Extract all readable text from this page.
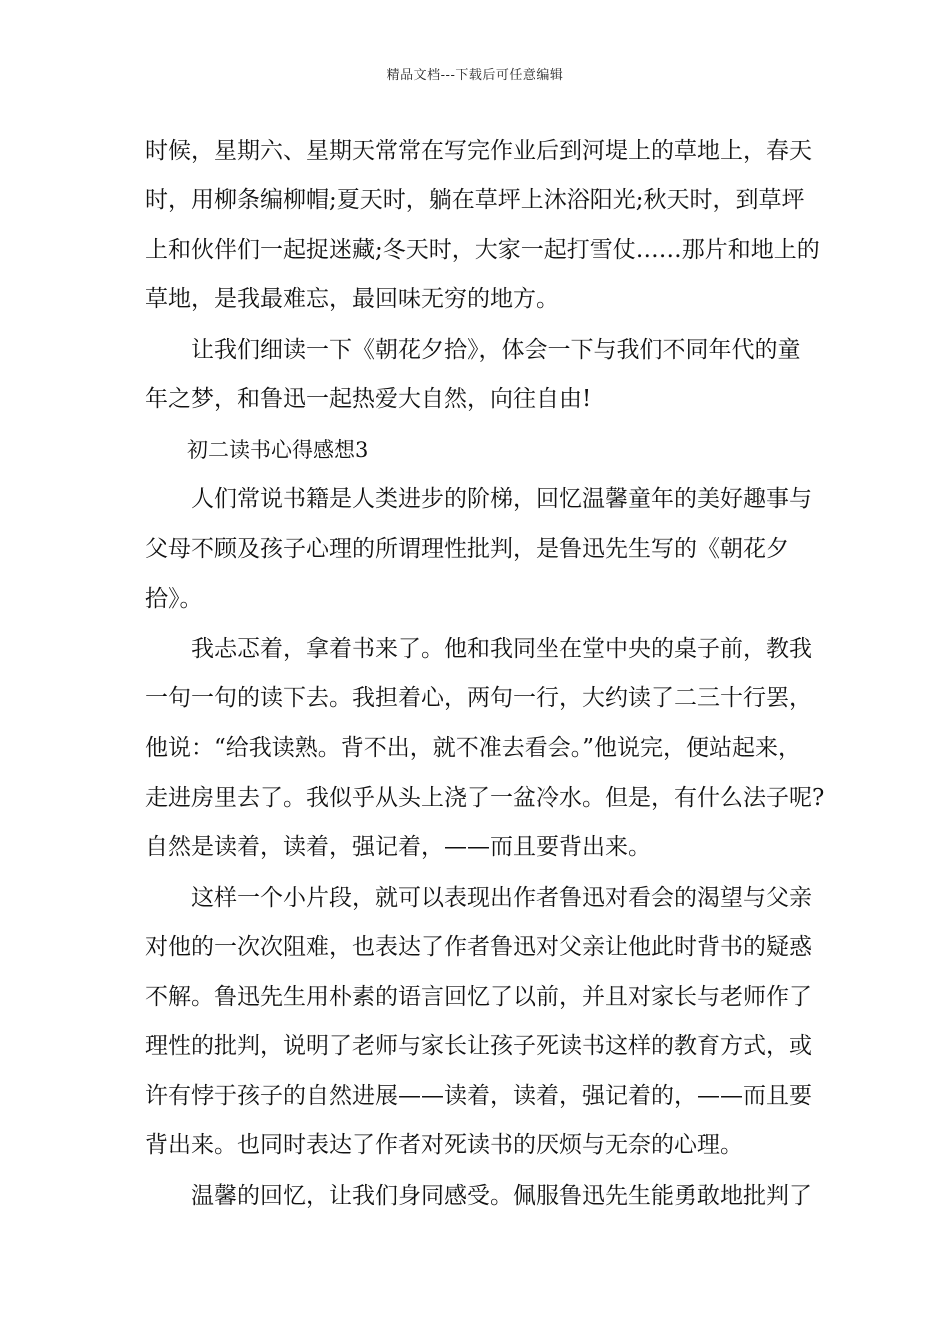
精品文档---下载后可任意编辑
时候，星期六、星期天常常在写完作业后到河堤上的草地上，春天
时，用柳条编柳帽;夏天时，躺在草坪上沐浴阳光;秋天时，到草坪
上和伙伴们一起捉迷藏;冬天时，大家一起打雪仗……那片和地上的
草地，是我最难忘，最回味无穷的地方。
让我们细读一下《朝花夕拾》，体会一下与我们不同年代的童
年之梦，和鲁迅一起热爱大自然，向往自由!
初二读书心得感想3
人们常说书籍是人类进步的阶梯，回忆温馨童年的美好趣事与
父母不顾及孩子心理的所谓理性批判，是鲁迅先生写的《朝花夕
拾》。
我忐忑着，拿着书来了。他和我同坐在堂中央的桌子前，教我
一句一句的读下去。我担着心，两句一行，大约读了二三十行罢，
他说：“给我读熟。背不出，就不准去看会。”他说完，便站起来，
走进房里去了。我似乎从头上浇了一盆冷水。但是，有什么法子呢?
自然是读着，读着，强记着，——而且要背出来。
这样一个小片段，就可以表现出作者鲁迅对看会的渴望与父亲
对他的一次次阻难，也表达了作者鲁迅对父亲让他此时背书的疑惑
不解。鲁迅先生用朴素的语言回忆了以前，并且对家长与老师作了
理性的批判，说明了老师与家长让孩子死读书这样的教育方式，或
许有悖于孩子的自然进展——读着，读着，强记着的，——而且要
背出来。也同时表达了作者对死读书的厌烦与无奈的心理。
温馨的回忆，让我们身同感受。佩服鲁迅先生能勇敢地批判了
